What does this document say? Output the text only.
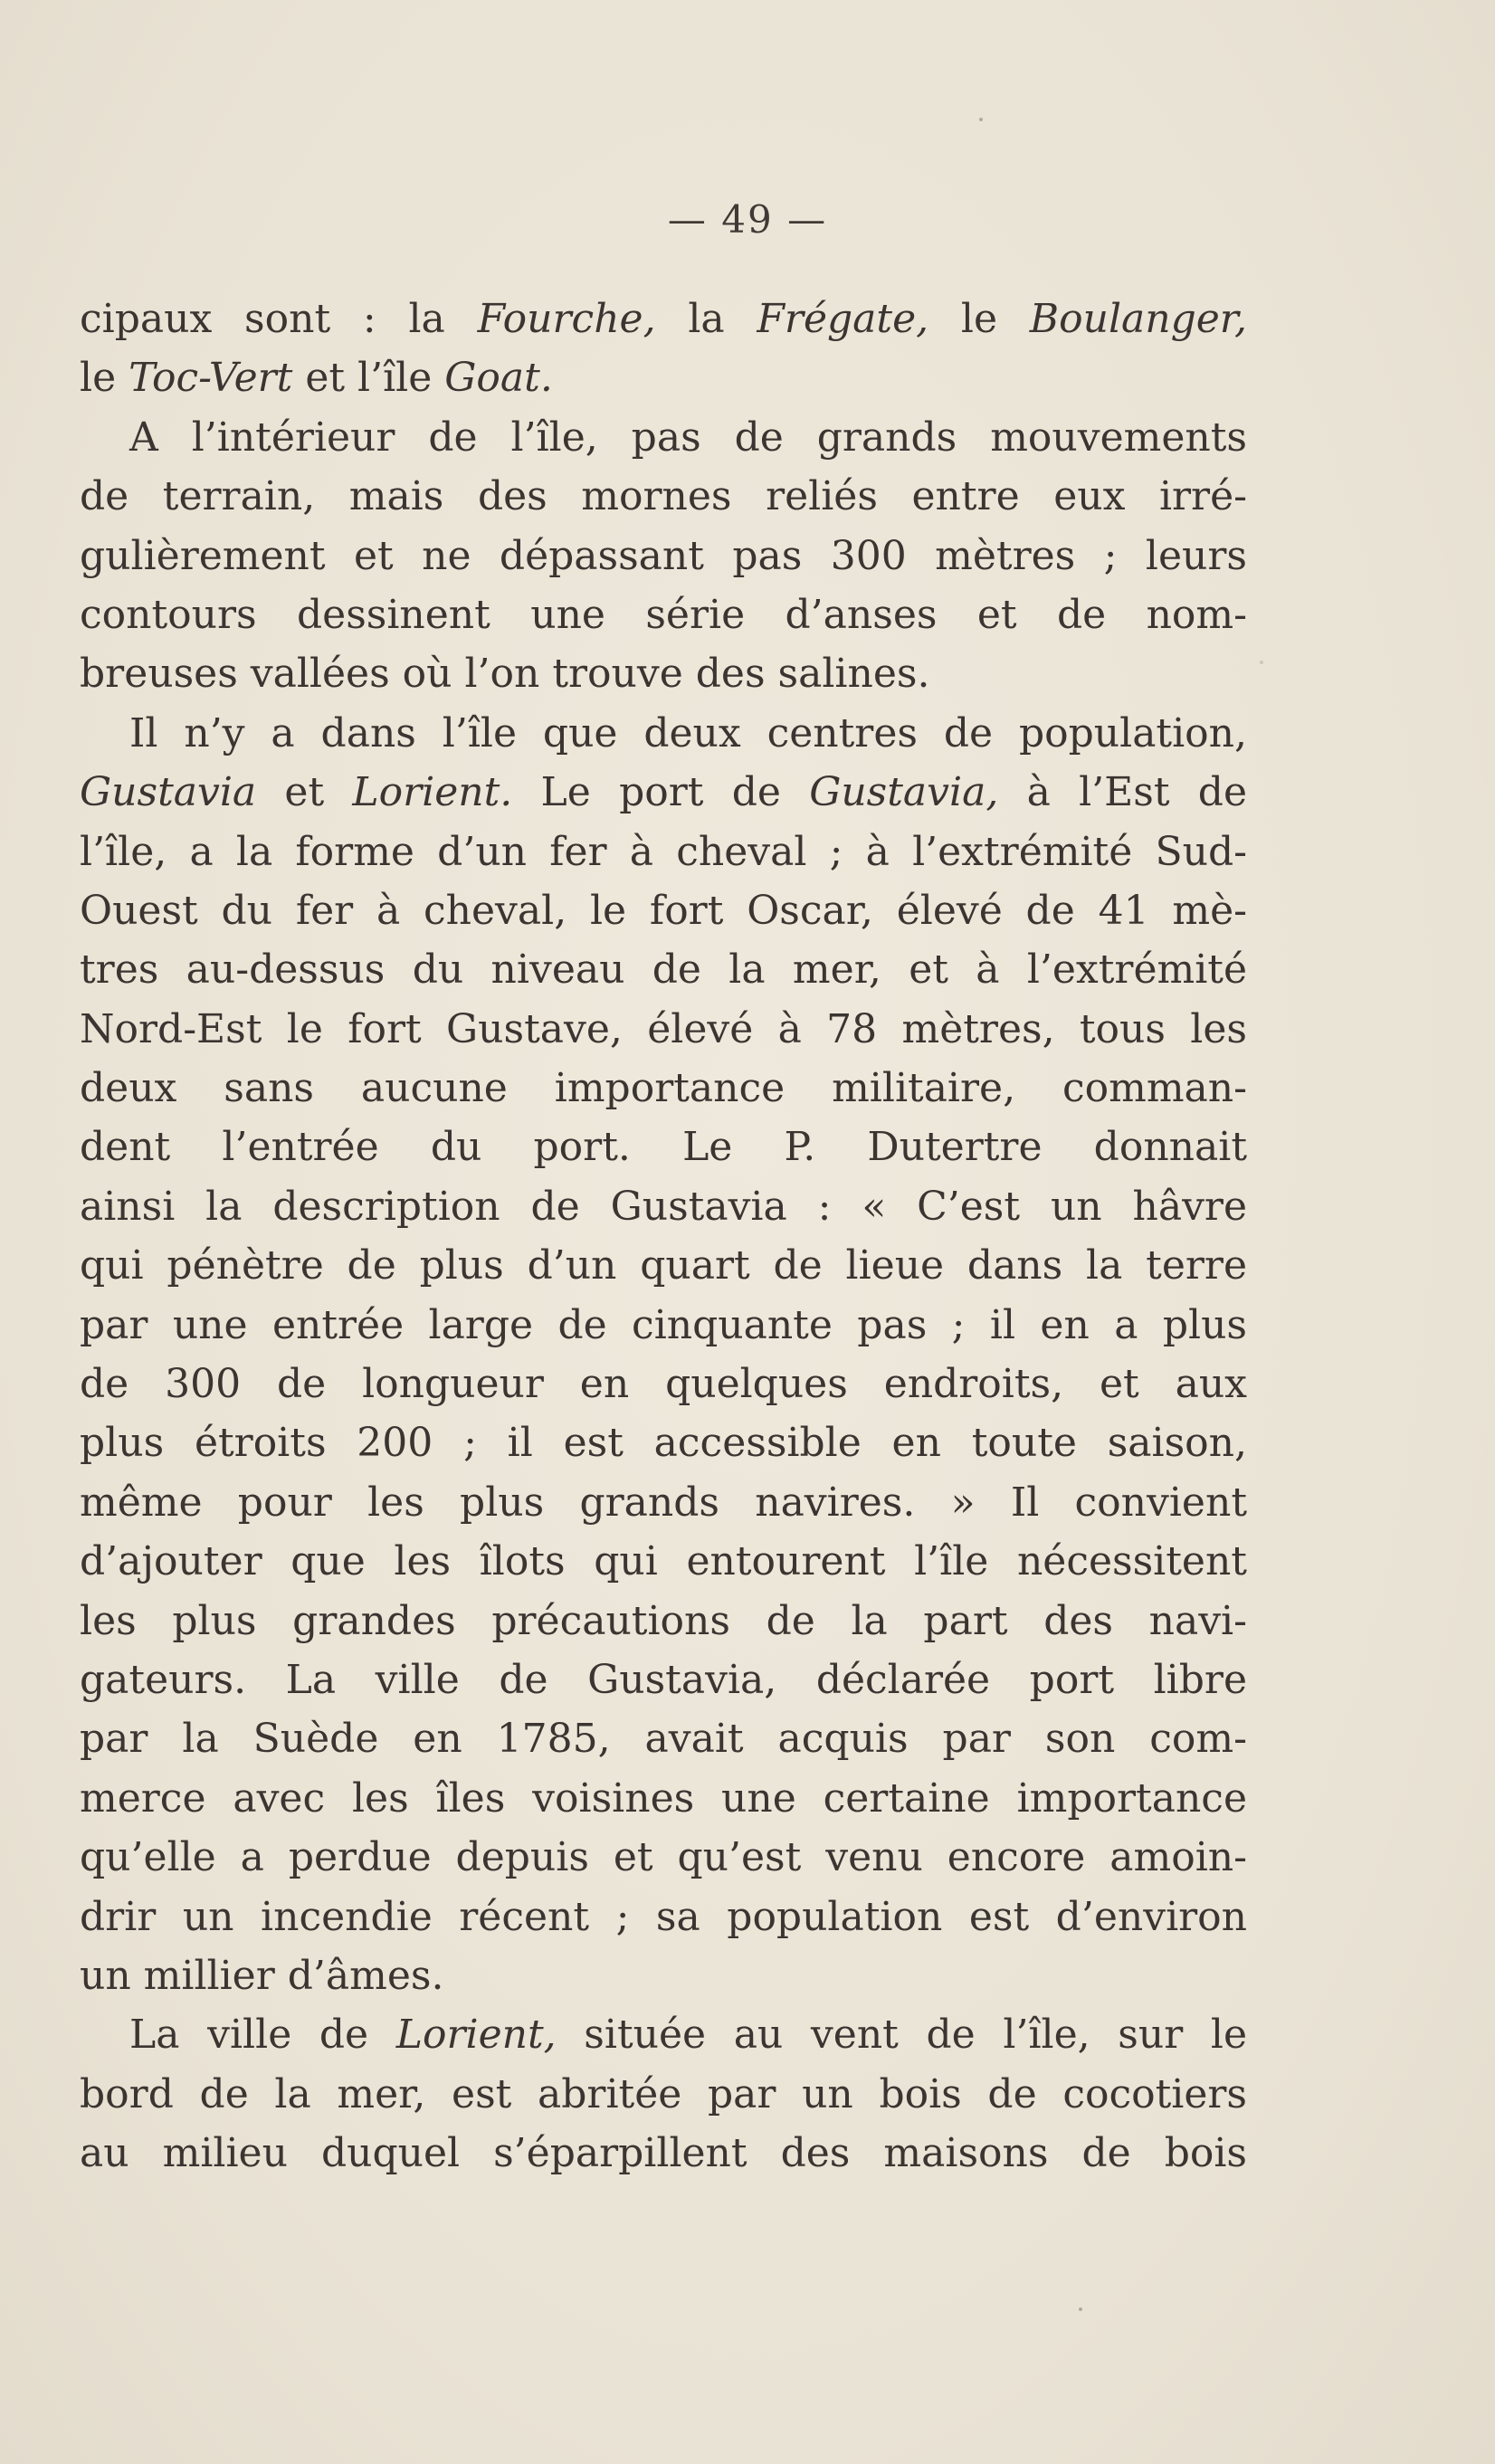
— 49 —
cipaux sont : la Fourche, la Frégate, le Boulanger,
le Toc-Vert et l’île Goat.
A l’intérieur de l’île, pas de grands mouvements
de terrain, mais des mornes reliés entre eux irré-
gulièrement et ne dépassant pas 300 mètres ; leurs
contours dessinent une série d’anses et de nom-
breuses vallées où l’on trouve des salines.
Il n’y a dans l’île que deux centres de population,
Gustavia et Lorient. Le port de Gustavia, à l’Est de
l’île, a la forme d’un fer à cheval ; à l’extrémité Sud-
Ouest du fer à cheval, le fort Oscar, élevé de 41 mè-
tres au-dessus du niveau de la mer, et à l’extrémité
Nord-Est le fort Gustave, élevé à 78 mètres, tous les
deux sans aucune importance militaire, comman-
dent l’entrée du port. Le P. Dutertre donnait
ainsi la description de Gustavia : « C’est un hâvre
qui pénètre de plus d’un quart de lieue dans la terre
par une entrée large de cinquante pas ; il en a plus
de 300 de longueur en quelques endroits, et aux
plus étroits 200 ; il est accessible en toute saison,
même pour les plus grands navires. » Il convient
d’ajouter que les îlots qui entourent l’île nécessitent
les plus grandes précautions de la part des navi-
gateurs. La ville de Gustavia, déclarée port libre
par la Suède en 1785, avait acquis par son com-
merce avec les îles voisines une certaine importance
qu’elle a perdue depuis et qu’est venu encore amoin-
drir un incendie récent ; sa population est d’environ
un millier d’âmes.
La ville de Lorient, située au vent de l’île, sur le
bord de la mer, est abritée par un bois de cocotiers
au milieu duquel s’éparpillent des maisons de bois
